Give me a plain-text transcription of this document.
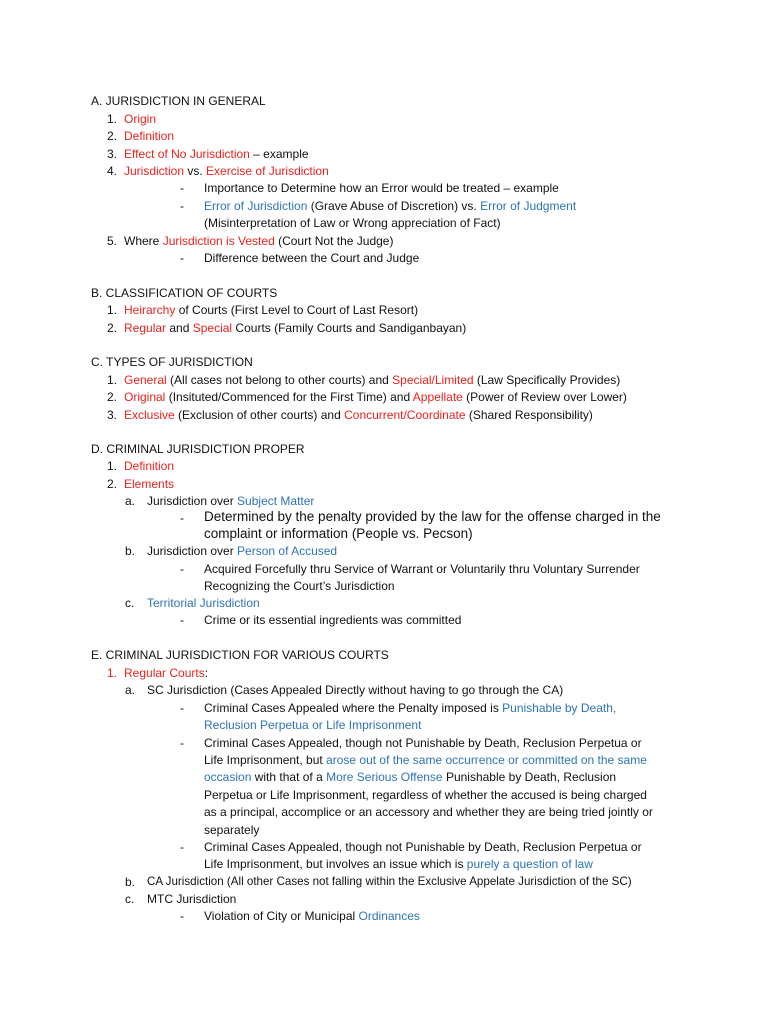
A. JURISDICTION IN GENERAL
1. Origin
2. Definition
3. Effect of No Jurisdiction – example
4. Jurisdiction vs. Exercise of Jurisdiction
- Importance to Determine how an Error would be treated – example
- Error of Jurisdiction (Grave Abuse of Discretion) vs. Error of Judgment
(Misinterpretation of Law or Wrong appreciation of Fact)
5. Where Jurisdiction is Vested (Court Not the Judge)
- Difference between the Court and Judge
B. CLASSIFICATION OF COURTS
1. Heirarchy of Courts (First Level to Court of Last Resort)
2. Regular and Special Courts (Family Courts and Sandiganbayan)
C. TYPES OF JURISDICTION
1. General (All cases not belong to other courts) and Special/Limited (Law Specifically Provides)
2. Original (Insituted/Commenced for the First Time) and Appellate (Power of Review over Lower)
3. Exclusive (Exclusion of other courts) and Concurrent/Coordinate (Shared Responsibility)
D. CRIMINAL JURISDICTION PROPER
1. Definition
2. Elements
a. Jurisdiction over Subject Matter
- Determined by the penalty provided by the law for the offense charged in the
complaint or information (People vs. Pecson)
b. Jurisdiction over Person of Accused
- Acquired Forcefully thru Service of Warrant or Voluntarily thru Voluntary Surrender
Recognizing the Court’s Jurisdiction
c. Territorial Jurisdiction
- Crime or its essential ingredients was committed
E. CRIMINAL JURISDICTION FOR VARIOUS COURTS
1. Regular Courts:
a. SC Jurisdiction (Cases Appealed Directly without having to go through the CA)
- Criminal Cases Appealed where the Penalty imposed is Punishable by Death,
Reclusion Perpetua or Life Imprisonment
- Criminal Cases Appealed, though not Punishable by Death, Reclusion Perpetua or
Life Imprisonment, but arose out of the same occurrence or committed on the same
occasion with that of a More Serious Offense Punishable by Death, Reclusion
Perpetua or Life Imprisonment, regardless of whether the accused is being charged
as a principal, accomplice or an accessory and whether they are being tried jointly or
separately
- Criminal Cases Appealed, though not Punishable by Death, Reclusion Perpetua or
Life Imprisonment, but involves an issue which is purely a question of law
b. CA Jurisdiction (All other Cases not falling within the Exclusive Appelate Jurisdiction of the SC)
c. MTC Jurisdiction
- Violation of City or Municipal Ordinances
